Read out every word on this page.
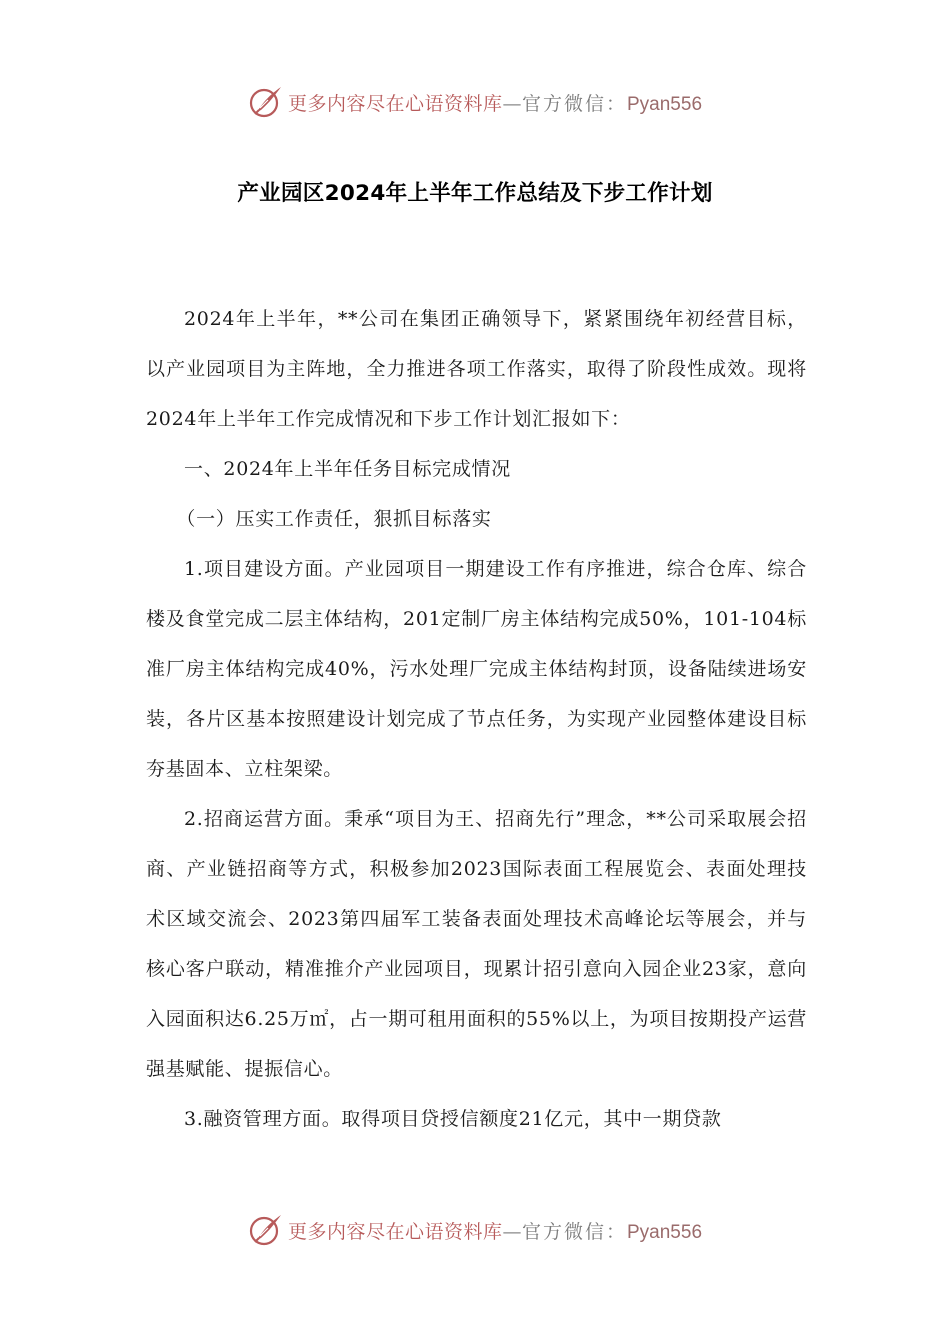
更多内容尽在心语资料库—官方微信：Pyan556
产业园区2024年上半年工作总结及下步工作计划

2024年上半年，**公司在集团正确领导下，紧紧围绕年初经营目标，以产业园项目为主阵地，全力推进各项工作落实，取得了阶段性成效。现将2024年上半年工作完成情况和下步工作计划汇报如下：

一、2024年上半年任务目标完成情况

（一）压实工作责任，狠抓目标落实

1.项目建设方面。产业园项目一期建设工作有序推进，综合仓库、综合楼及食堂完成二层主体结构，201定制厂房主体结构完成50%，101-104标准厂房主体结构完成40%，污水处理厂完成主体结构封顶，设备陆续进场安装，各片区基本按照建设计划完成了节点任务，为实现产业园整体建设目标夯基固本、立柱架梁。

2.招商运营方面。秉承“项目为王、招商先行”理念，**公司采取展会招商、产业链招商等方式，积极参加2023国际表面工程展览会、表面处理技术区域交流会、2023第四届军工装备表面处理技术高峰论坛等展会，并与核心客户联动，精准推介产业园项目，现累计招引意向入园企业23家，意向入园面积达6.25万㎡，占一期可租用面积的55%以上，为项目按期投产运营强基赋能、提振信心。

3.融资管理方面。取得项目贷授信额度21亿元，其中一期贷款

更多内容尽在心语资料库—官方微信：Pyan556
